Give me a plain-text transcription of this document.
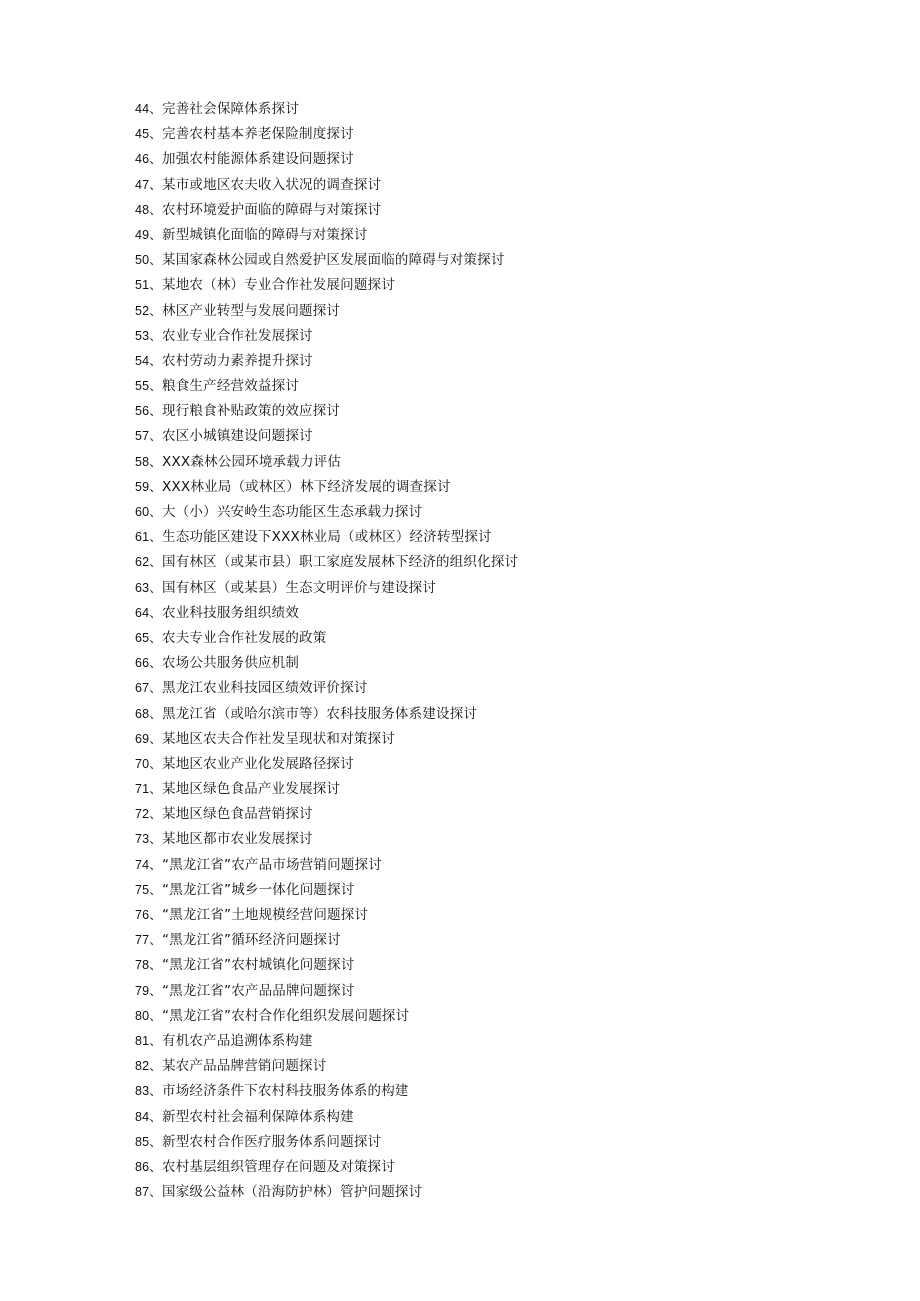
44、完善社会保障体系探讨
45、完善农村基本养老保险制度探讨
46、加强农村能源体系建设问题探讨
47、某市或地区农夫收入状况的调查探讨
48、农村环境爱护面临的障碍与对策探讨
49、新型城镇化面临的障碍与对策探讨
50、某国家森林公园或自然爱护区发展面临的障碍与对策探讨
51、某地农（林）专业合作社发展问题探讨
52、林区产业转型与发展问题探讨
53、农业专业合作社发展探讨
54、农村劳动力素养提升探讨
55、粮食生产经营效益探讨
56、现行粮食补贴政策的效应探讨
57、农区小城镇建设问题探讨
58、XXX森林公园环境承载力评估
59、XXX林业局（或林区）林下经济发展的调查探讨
60、大（小）兴安岭生态功能区生态承载力探讨
61、生态功能区建设下XXX林业局（或林区）经济转型探讨
62、国有林区（或某市县）职工家庭发展林下经济的组织化探讨
63、国有林区（或某县）生态文明评价与建设探讨
64、农业科技服务组织绩效
65、农夫专业合作社发展的政策
66、农场公共服务供应机制
67、黑龙江农业科技园区绩效评价探讨
68、黑龙江省（或哈尔滨市等）农科技服务体系建设探讨
69、某地区农夫合作社发呈现状和对策探讨
70、某地区农业产业化发展路径探讨
71、某地区绿色食品产业发展探讨
72、某地区绿色食品营销探讨
73、某地区都市农业发展探讨
74、“黑龙江省”农产品市场营销问题探讨
75、“黑龙江省”城乡一体化问题探讨
76、“黑龙江省”土地规模经营问题探讨
77、“黑龙江省”循环经济问题探讨
78、“黑龙江省”农村城镇化问题探讨
79、“黑龙江省”农产品品牌问题探讨
80、“黑龙江省”农村合作化组织发展问题探讨
81、有机农产品追溯体系构建
82、某农产品品牌营销问题探讨
83、市场经济条件下农村科技服务体系的构建
84、新型农村社会福利保障体系构建
85、新型农村合作医疗服务体系问题探讨
86、农村基层组织管理存在问题及对策探讨
87、国家级公益林（沿海防护林）管护问题探讨
